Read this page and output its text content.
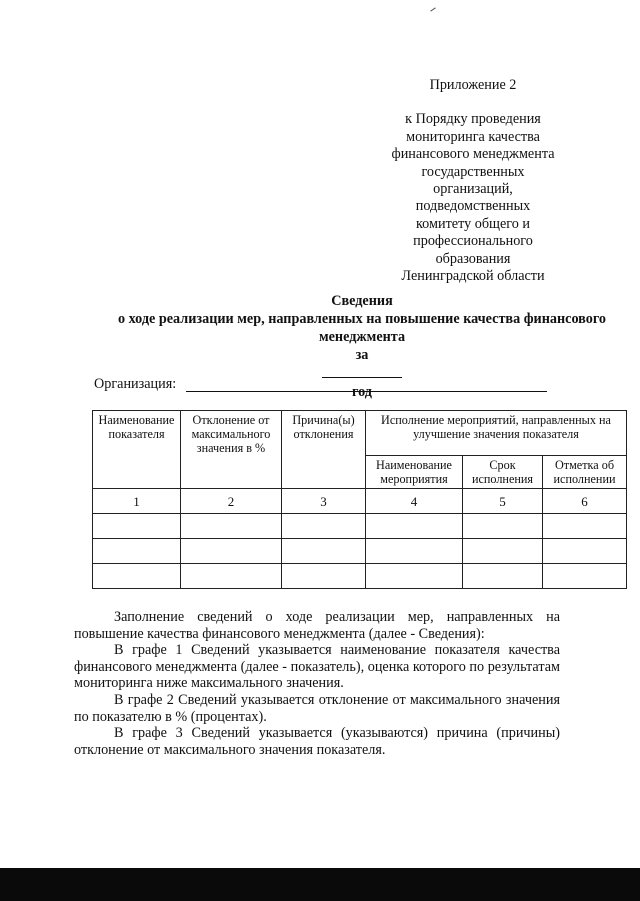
Приложение 2
к Порядку проведения
мониторинга качества
финансового менеджмента
государственных
организаций,
подведомственных
комитету общего и
профессионального
образования
Ленинградской области
Сведения
о ходе реализации мер, направленных на повышение качества финансового
менеджмента
за
год
Организация:
Наименование показателя	Отклонение от максимального значения в %	Причина(ы) отклонения	Исполнение мероприятий, направленных на улучшение значения показателя		
			Наименование мероприятия	Срок исполнения	Отметка об исполнении
1	2	3	4	5	6

Заполнение сведений о ходе реализации мер, направленных на повышение качества финансового менеджмента (далее - Сведения):

В графе 1 Сведений указывается наименование показателя качества финансового менеджмента (далее - показатель), оценка которого по результатам мониторинга ниже максимального значения.

В графе 2 Сведений указывается отклонение от максимального значения по показателю в % (процентах).

В графе 3 Сведений указывается (указываются) причина (причины) отклонение от максимального значения показателя.
